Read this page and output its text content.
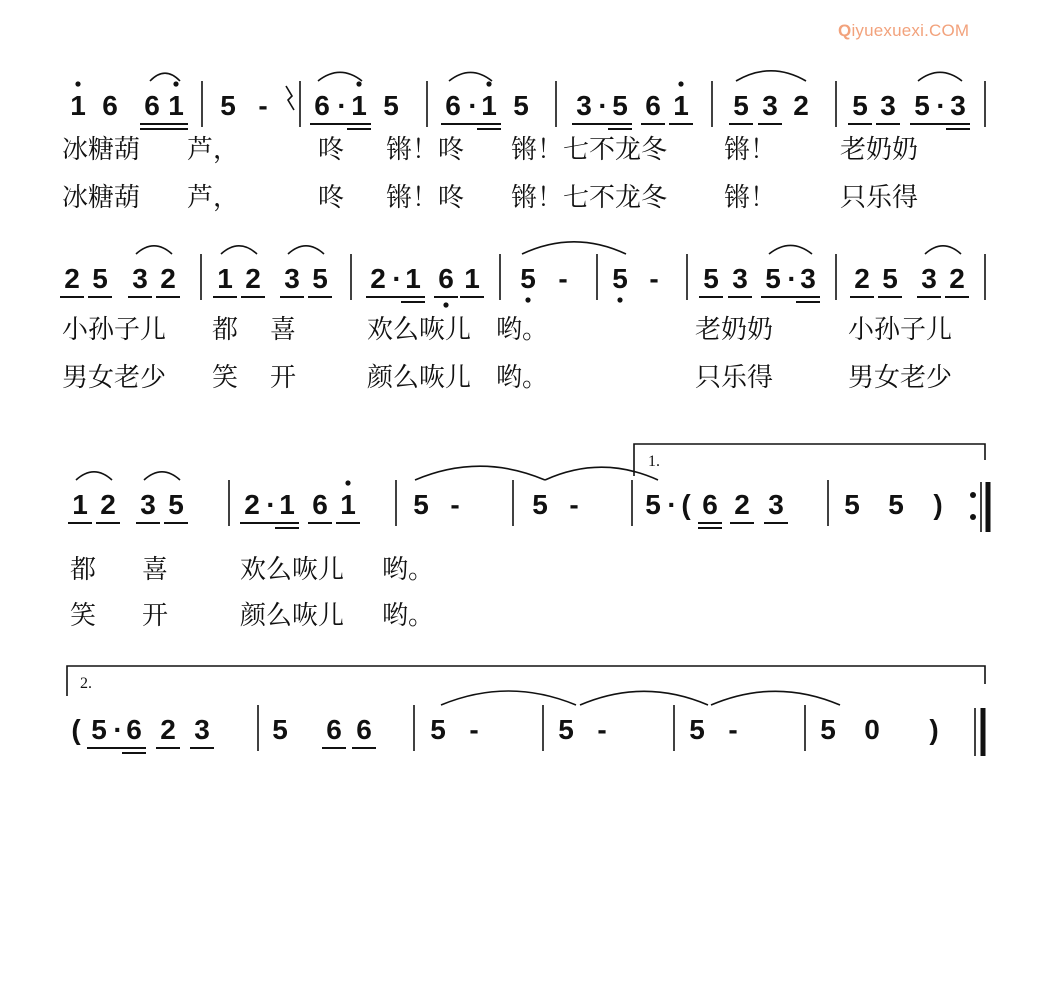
Qiyuexuexi.COM
1.
2.
1 6 6 1 5 - 6 · 1 5 6 · 1 5 3 · 5 6 1 5 3 2 5 3 5 · 3
冰糖葫 芦，	咚 锵！咚 锵！七不龙冬 锵！ 老奶奶
冰糖葫 芦，	咚 锵！咚 锵！七不龙冬 锵！ 只乐得
2 5 3 2 1 2 3 5 2 · 1 6 1 5 - 5 - 5 3 5 · 3 2 5 3 2
小孙子儿 都 喜	欢么咴儿 哟。	老奶奶	小孙子儿
男女老少 笑 开	颜么咴儿 哟。	只乐得	男女老少
1 2 3 5 2 · 1 6 1 5 -	5 - 5 · ( 6 2 3 5 5 )
都 喜	欢么咴儿 哟。
笑 开	颜么咴儿 哟。
( 5 · 6 2 3 5 6 6 5 -	5 -	5 -	5 0 )
